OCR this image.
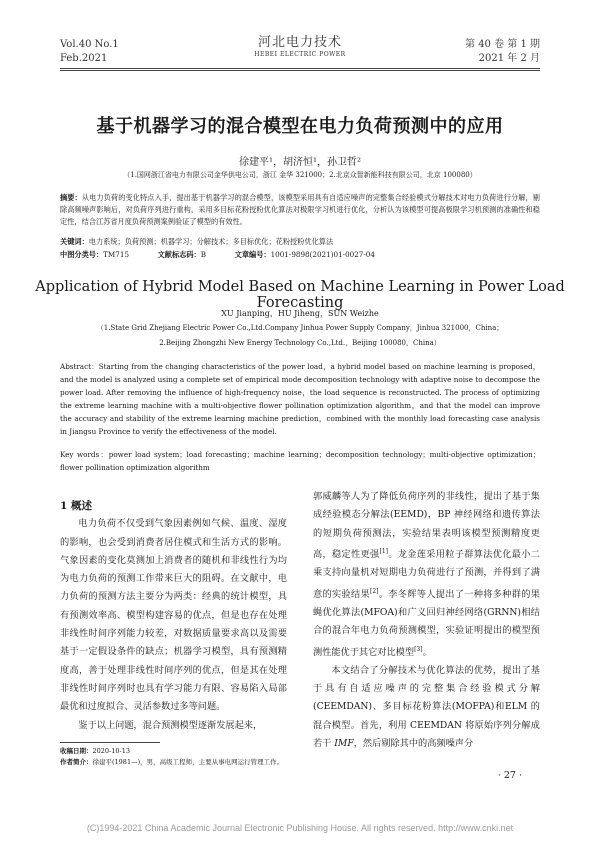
Vol.40 No.1
Feb.2021
河北电力技术
HEBEI ELECTRIC POWER
第 40 卷 第 1 期
2021 年 2 月
基于机器学习的混合模型在电力负荷预测中的应用
徐建平¹，胡济恒¹，孙卫哲²
（1.国网浙江省电力有限公司金华供电公司，浙江 金华 321000；2.北京众智新能科技有限公司，北京 100080）
摘要：从电力负荷的变化特点入手，提出基于机器学习的混合模型，该模型采用具有自适应噪声的完整集合经验模式分解技术对电力负荷进行分解，剔除高频噪声影响后，对负荷序列进行重构，采用多目标花粉授粉优化算法对极限学习机进行优化，分析认为该模型可提高极限学习机预测的准确性和稳定性，结合江苏省月度负荷预测案例验证了模型的有效性。
关键词：电力系统；负荷预测；机器学习；分解技术；多目标优化；花粉授粉优化算法
中图分类号：TM715	文献标志码：B	文章编号：1001-9898(2021)01-0027-04
Application of Hybrid Model Based on Machine Learning in Power Load Forecasting
XU Jianping，HU Jiheng，SUN Weizhe
（1.State Grid Zhejiang Electric Power Co.,Ltd.Company Jinhua Power Supply Company，Jinhua 321000，China；
2.Beijing Zhongzhi New Energy Technology Co.,Ltd.，Beijing 100080，China）
Abstract：Starting from the changing characteristics of the power load，a hybrid model based on machine learning is proposed，and the model is analyzed using a complete set of empirical mode decomposition technology with adaptive noise to decompose the power load. After removing the influence of high-frequency noise，the load sequence is reconstructed. The process of optimizing the extreme learning machine with a multi-objective flower pollination optimization algorithm，and that the model can improve the accuracy and stability of the extreme learning machine prediction，combined with the monthly load forecasting case analysis in Jiangsu Province to verify the effectiveness of the model.
Key words：power load system；load forecasting；machine learning；decomposition technology；multi-objective optimization；flower pollination optimization algorithm

1 概述

电力负荷不仅受到气象因素例如气候、温度、湿度的影响，也会受到消费者居住模式和生活方式的影响。气象因素的变化莫测加上消费者的随机和非线性行为均为电力负荷的预测工作带来巨大的阻碍。在文献中，电力负荷的预测方法主要分为两类：经典的统计模型，具有预测效率高、模型构建容易的优点，但是也存在处理非线性时间序列能力较差，对数据质量要求高以及需要基于一定假设条件的缺点；机器学习模型，具有预测精度高，善于处理非线性时间序列的优点，但是其在处理非线性时间序列时也具有学习能力有限、容易陷入局部最优和过度拟合、灵活参数过多等问题。

鉴于以上问题，混合预测模型逐渐发展起来，

郭威麟等人为了降低负荷序列的非线性，提出了基于集成经验模态分解法(EEMD)，BP 神经网络和遗传算法的短期负荷预测法，实验结果表明该模型预测精度更高，稳定性更强[1]。龙金莲采用粒子群算法优化最小二乘支持向量机对短期电力负荷进行了预测，并得到了满意的实验结果[2]。李冬辉等人提出了一种将多种群的果蝇优化算法(MFOA)和广义回归神经网络(GRNN)相结合的混合年电力负荷预测模型，实验证明提出的模型预测性能优于其它对比模型[3]。

本文结合了分解技术与优化算法的优势，提出了基于具有自适应噪声的完整集合经验模式分解(CEEMDAN)、多目标花粉算法(MOFPA)和ELM 的混合模型。首先，利用 CEEMDAN 将原始序列分解成若干 IMF，然后剔除其中的高频噪声分

收稿日期：2020-10-13
作者简介：徐建平(1981—)，男，高级工程师，主要从事电网运行管理工作。
· 27 ·
(C)1994-2021 China Academic Journal Electronic Publishing House. All rights reserved. http://www.cnki.net
